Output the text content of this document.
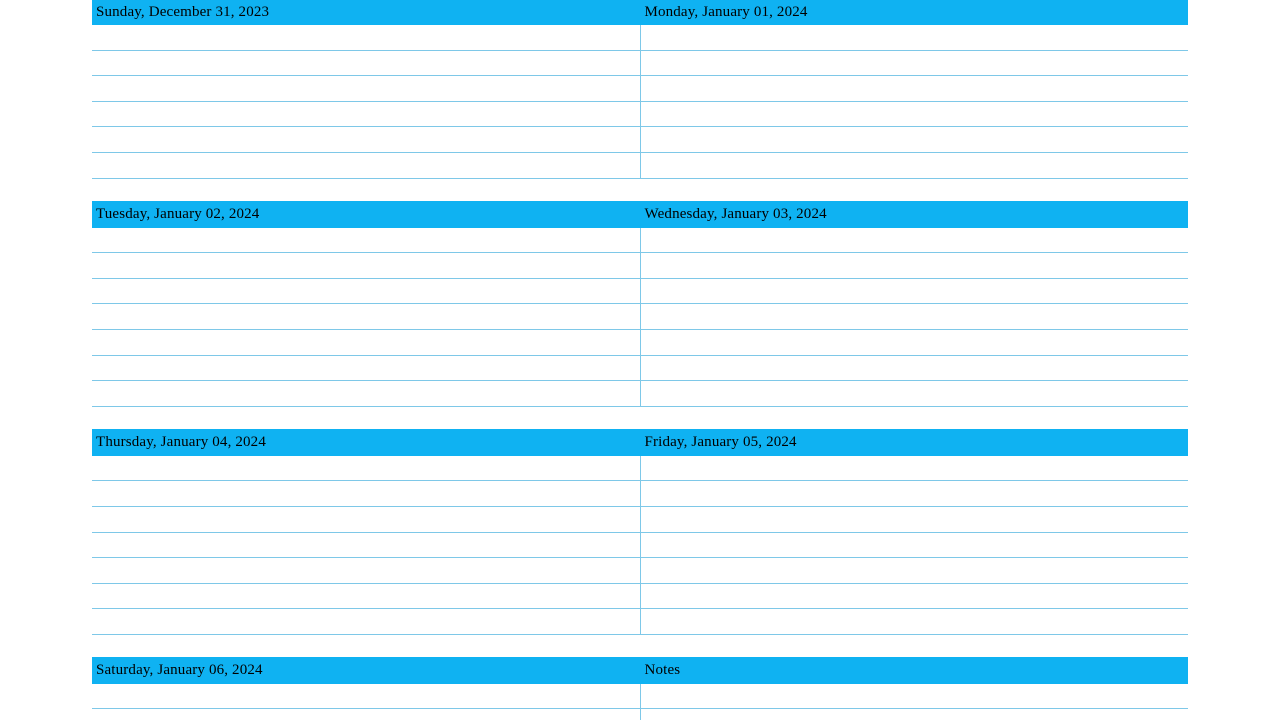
Sunday, December 31, 2023	Monday, January 01, 2024

Tuesday, January 02, 2024	Wednesday, January 03, 2024

Thursday, January 04, 2024	Friday, January 05, 2024

Saturday, January 06, 2024	Notes
